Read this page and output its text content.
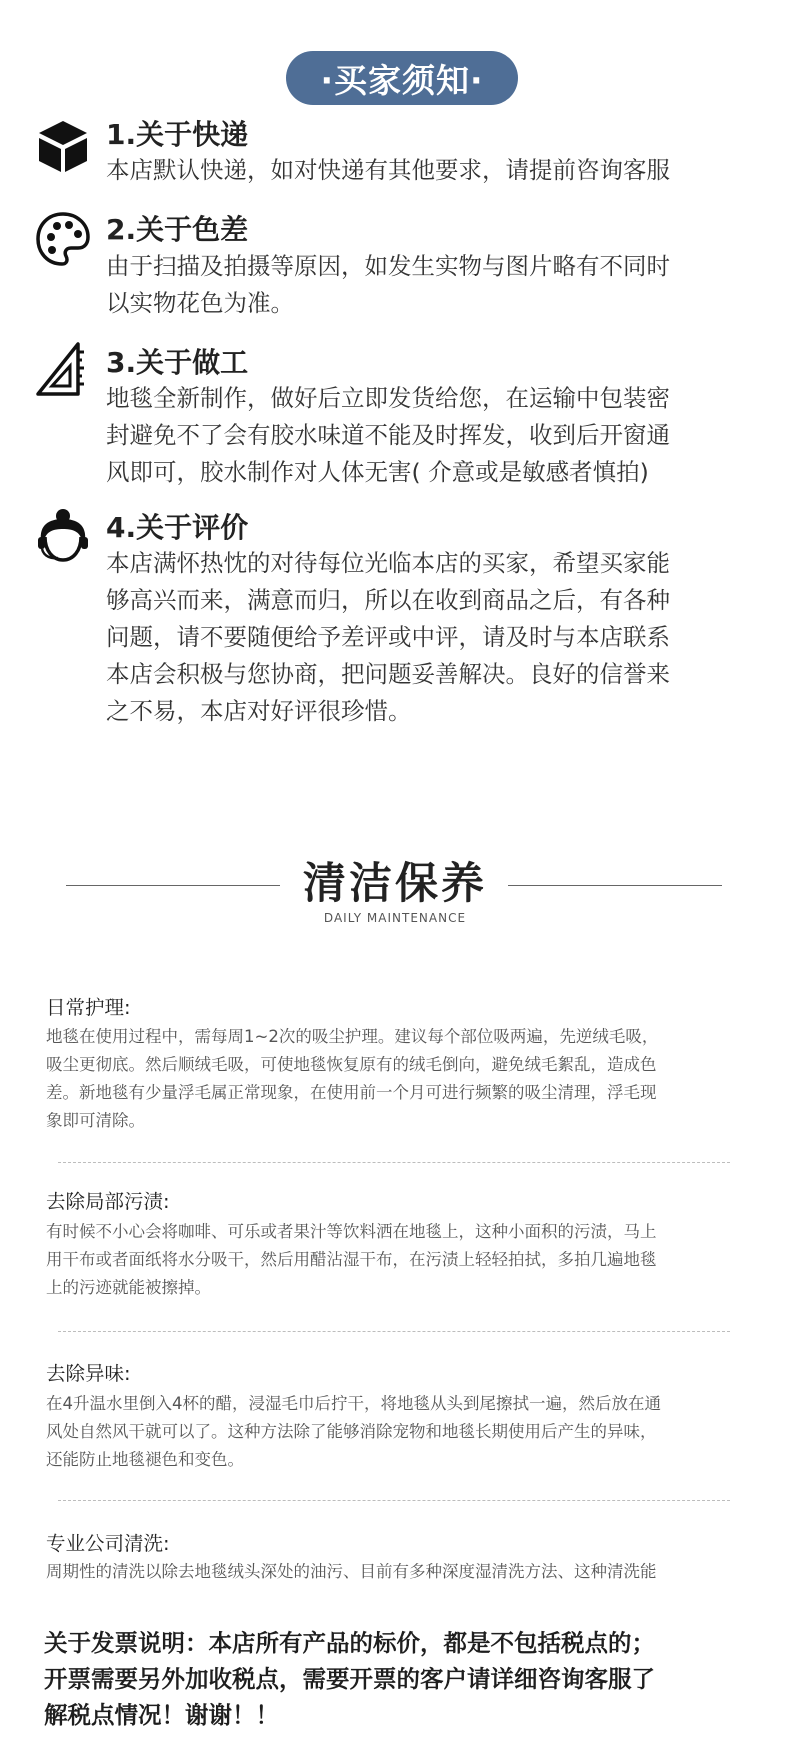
·买家须知·
1.关于快递

本店默认快递，如对快递有其他要求，请提前咨询客服

2.关于色差

由于扫描及拍摄等原因，如发生实物与图片略有不同时

以实物花色为准。

3.关于做工

地毯全新制作，做好后立即发货给您，在运输中包装密

封避免不了会有胶水味道不能及时挥发，收到后开窗通

风即可，胶水制作对人体无害( 介意或是敏感者慎拍)

4.关于评价

本店满怀热忱的对待每位光临本店的买家，希望买家能

够高兴而来，满意而归，所以在收到商品之后，有各种

问题，请不要随便给予差评或中评，请及时与本店联系

本店会积极与您协商，把问题妥善解决。良好的信誉来

之不易，本店对好评很珍惜。

清洁保养
DAILY MAINTENANCE
日常护理:

地毯在使用过程中，需每周1~2次的吸尘护理。建议每个部位吸两遍，先逆绒毛吸，

吸尘更彻底。然后顺绒毛吸，可使地毯恢复原有的绒毛倒向，避免绒毛絮乱，造成色

差。新地毯有少量浮毛属正常现象，在使用前一个月可进行频繁的吸尘清理，浮毛现

象即可清除。

去除局部污渍:

有时候不小心会将咖啡、可乐或者果汁等饮料洒在地毯上，这种小面积的污渍，马上

用干布或者面纸将水分吸干，然后用醋沾湿干布，在污渍上轻轻拍拭，多拍几遍地毯

上的污迹就能被擦掉。

去除异味:

在4升温水里倒入4杯的醋，浸湿毛巾后拧干，将地毯从头到尾擦拭一遍，然后放在通

风处自然风干就可以了。这种方法除了能够消除宠物和地毯长期使用后产生的异味，

还能防止地毯褪色和变色。

专业公司清洗:

周期性的清洗以除去地毯绒头深处的油污、目前有多种深度湿清洗方法、这种清洗能

关于发票说明：本店所有产品的标价，都是不包括税点的；

开票需要另外加收税点，需要开票的客户请详细咨询客服了

解税点情况！谢谢！！
